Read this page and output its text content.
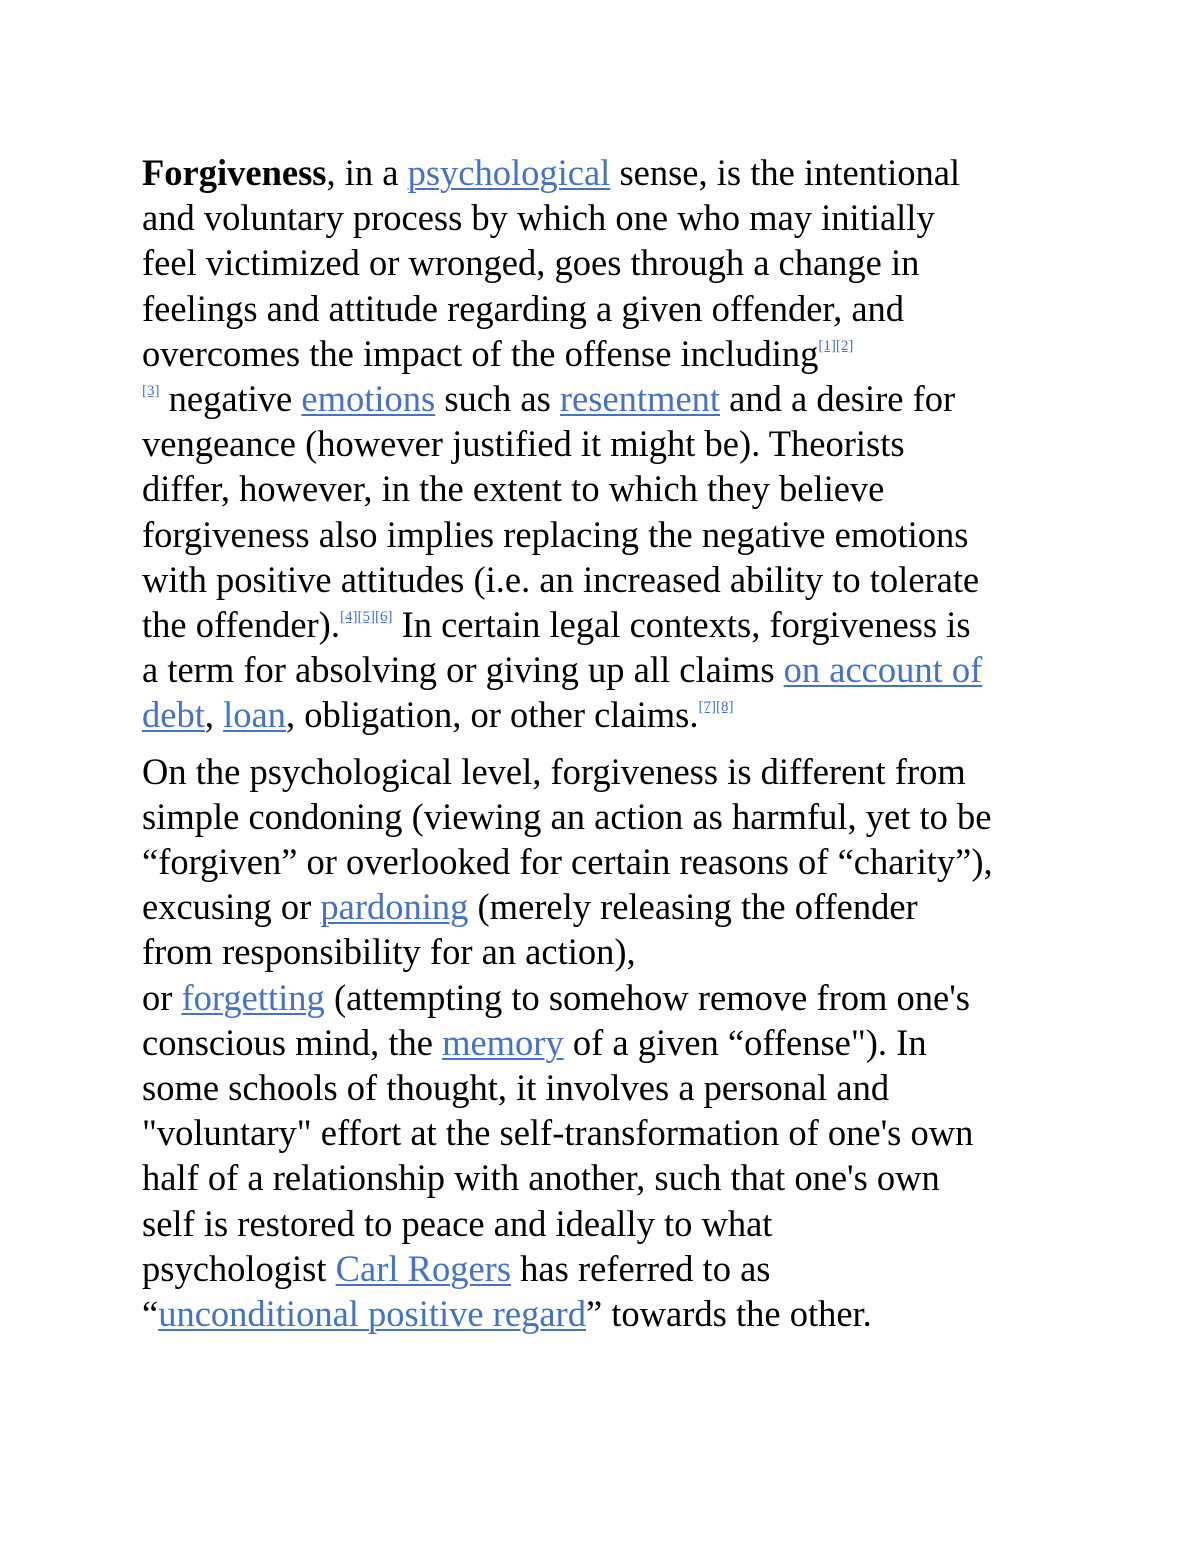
Forgiveness, in a psychological sense, is the intentional
and voluntary process by which one who may initially
feel victimized or wronged, goes through a change in
feelings and attitude regarding a given offender, and
overcomes the impact of the offense including[1][2]
[3] negative emotions such as resentment and a desire for
vengeance (however justified it might be). Theorists
differ, however, in the extent to which they believe
forgiveness also implies replacing the negative emotions
with positive attitudes (i.e. an increased ability to tolerate
the offender).[4][5][6] In certain legal contexts, forgiveness is
a term for absolving or giving up all claims on account of
debt, loan, obligation, or other claims.[7][8]
On the psychological level, forgiveness is different from
simple condoning (viewing an action as harmful, yet to be
“forgiven” or overlooked for certain reasons of “charity”),
excusing or pardoning (merely releasing the offender
from responsibility for an action),
or forgetting (attempting to somehow remove from one's
conscious mind, the memory of a given “offense"). In
some schools of thought, it involves a personal and
"voluntary" effort at the self-transformation of one's own
half of a relationship with another, such that one's own
self is restored to peace and ideally to what
psychologist Carl Rogers has referred to as
“unconditional positive regard” towards the other.
